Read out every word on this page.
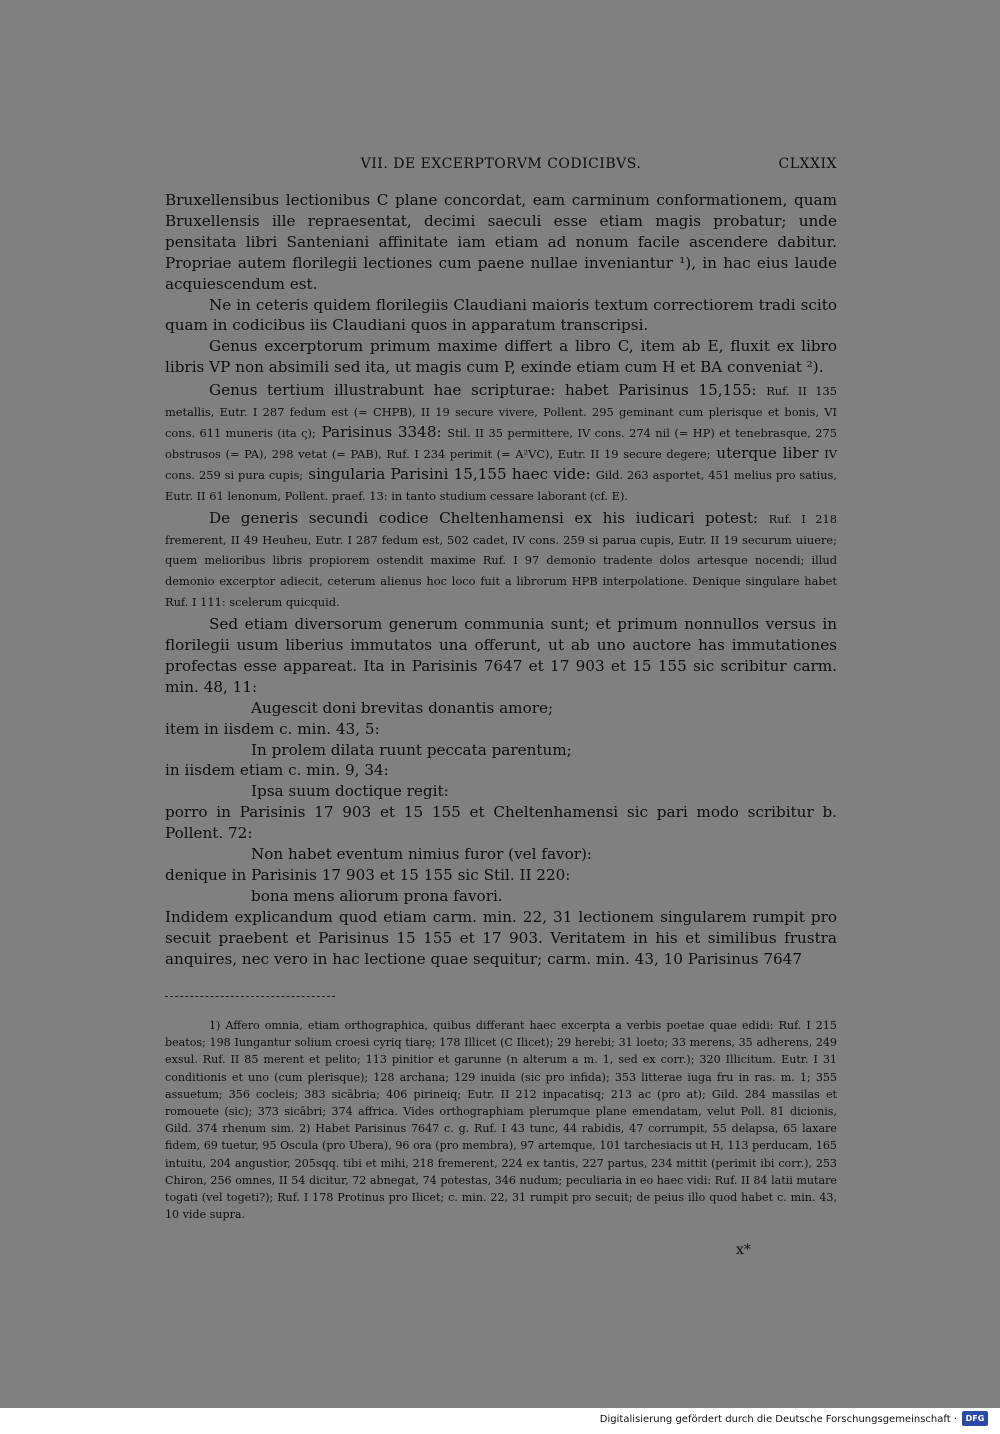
VII. DE EXCERPTORVM CODICIBVS.	CLXXIX

Bruxellensibus lectionibus C plane concordat, eam carminum conformationem, quam Bruxellensis ille repraesentat, decimi saeculi esse etiam magis probatur; unde pensitata libri Santeniani affinitate iam etiam ad nonum facile ascendere dabitur. Propriae autem florilegii lectiones cum paene nullae inveniantur ¹), in hac eius laude acquiescendum est.

Ne in ceteris quidem florilegiis Claudiani maioris textum correctiorem tradi scito quam in codicibus iis Claudiani quos in apparatum transcripsi.

Genus excerptorum primum maxime differt a libro C, item ab E, fluxit ex libro libris VP non absimili sed ita, ut magis cum P, exinde etiam cum H et BA conveniat ²).

Genus tertium illustrabunt hae scripturae: habet Parisinus 15,155: Ruf. II 135 metallis, Eutr. I 287 fedum est (= CHPB), II 19 secure vivere, Pollent. 295 geminant cum plerisque et bonis, VI cons. 611 muneris (ita ς); Parisinus 3348: Stil. II 35 permittere, IV cons. 274 nil (= HP) et tenebrasque, 275 obstrusos (= PA), 298 vetat (= PAB), Ruf. I 234 perimit (= A²VC), Eutr. II 19 secure degere; uterque liber IV cons. 259 si pura cupis; singularia Parisini 15,155 haec vide: Gild. 263 asportet, 451 melius pro satius, Eutr. II 61 lenonum, Pollent. praef. 13: in tanto studium cessare laborant (cf. E).

De generis secundi codice Cheltenhamensi ex his iudicari potest: Ruf. I 218 fremerent, II 49 Heuheu, Eutr. I 287 fedum est, 502 cadet, IV cons. 259 si parua cupis, Eutr. II 19 securum uiuere; quem melioribus libris propiorem ostendit maxime Ruf. I 97 demonio tradente dolos artesque nocendi; illud demonio excerptor adiecit, ceterum alienus hoc loco fuit a librorum HPB interpolatione. Denique singulare habet Ruf. I 111: scelerum quicquid.

Sed etiam diversorum generum communia sunt; et primum nonnullos versus in florilegii usum liberius immutatos una offerunt, ut ab uno auctore has immutationes profectas esse appareat. Ita in Parisinis 7647 et 17 903 et 15 155 sic scribitur carm. min. 48, 11:

Augescit doni brevitas donantis amore;

item in iisdem c. min. 43, 5:

In prolem dilata ruunt peccata parentum;

in iisdem etiam c. min. 9, 34:

Ipsa suum doctique regit:

porro in Parisinis 17 903 et 15 155 et Cheltenhamensi sic pari modo scribitur b. Pollent. 72:

Non habet eventum nimius furor (vel favor):

denique in Parisinis 17 903 et 15 155 sic Stil. II 220:

bona mens aliorum prona favori.

Indidem explicandum quod etiam carm. min. 22, 31 lectionem singularem rumpit pro secuit praebent et Parisinus 15 155 et 17 903. Veritatem in his et similibus frustra anquires, nec vero in hac lectione quae sequitur; carm. min. 43, 10 Parisinus 7647

1) Affero omnia, etiam orthographica, quibus differant haec excerpta a verbis poetae quae edidi: Ruf. I 215 beatos; 198 Iungantur solium croesi cyriq tiarę; 178 Illicet (C Ilicet); 29 herebi; 31 loeto; 33 merens, 35 adherens, 249 exsul. Ruf. II 85 merent et pelito; 113 pinitior et garunne (n alterum a m. 1, sed ex corr.); 320 Illicitum. Eutr. I 31 conditionis et uno (cum plerisque); 128 archana; 129 inuida (sic pro infida); 353 litterae iuga fru in ras. m. 1; 355 assuetum; 356 cocleis; 383 sicābria; 406 pirineiq; Eutr. II 212 inpacatisq; 213 ac (pro at); Gild. 284 massilas et romouete (sic); 373 sicābri; 374 affrica. Vides orthographiam plerumque plane emendatam, velut Poll. 81 dicionis, Gild. 374 rhenum sim. 2) Habet Parisinus 7647 c. g. Ruf. I 43 tunc, 44 rabidis, 47 corrumpit, 55 delapsa, 65 laxare fidem, 69 tuetur, 95 Oscula (pro Ubera), 96 ora (pro membra), 97 artemque, 101 tarchesiacis ut H, 113 perducam, 165 intuitu, 204 angustior, 205sqq. tibi et mihi, 218 fremerent, 224 ex tantis, 227 partus, 234 mittit (perimit ibi corr.), 253 Chiron, 256 omnes, II 54 dicitur, 72 abnegat, 74 potestas, 346 nudum; peculiaria in eo haec vidi: Ruf. II 84 latii mutare togati (vel togeti?); Ruf. I 178 Protinus pro Ilicet; c. min. 22, 31 rumpit pro secuit; de peius illo quod habet c. min. 43, 10 vide supra.

x*
Digitalisierung gefördert durch die Deutsche Forschungsgemeinschaft ·	DFG
